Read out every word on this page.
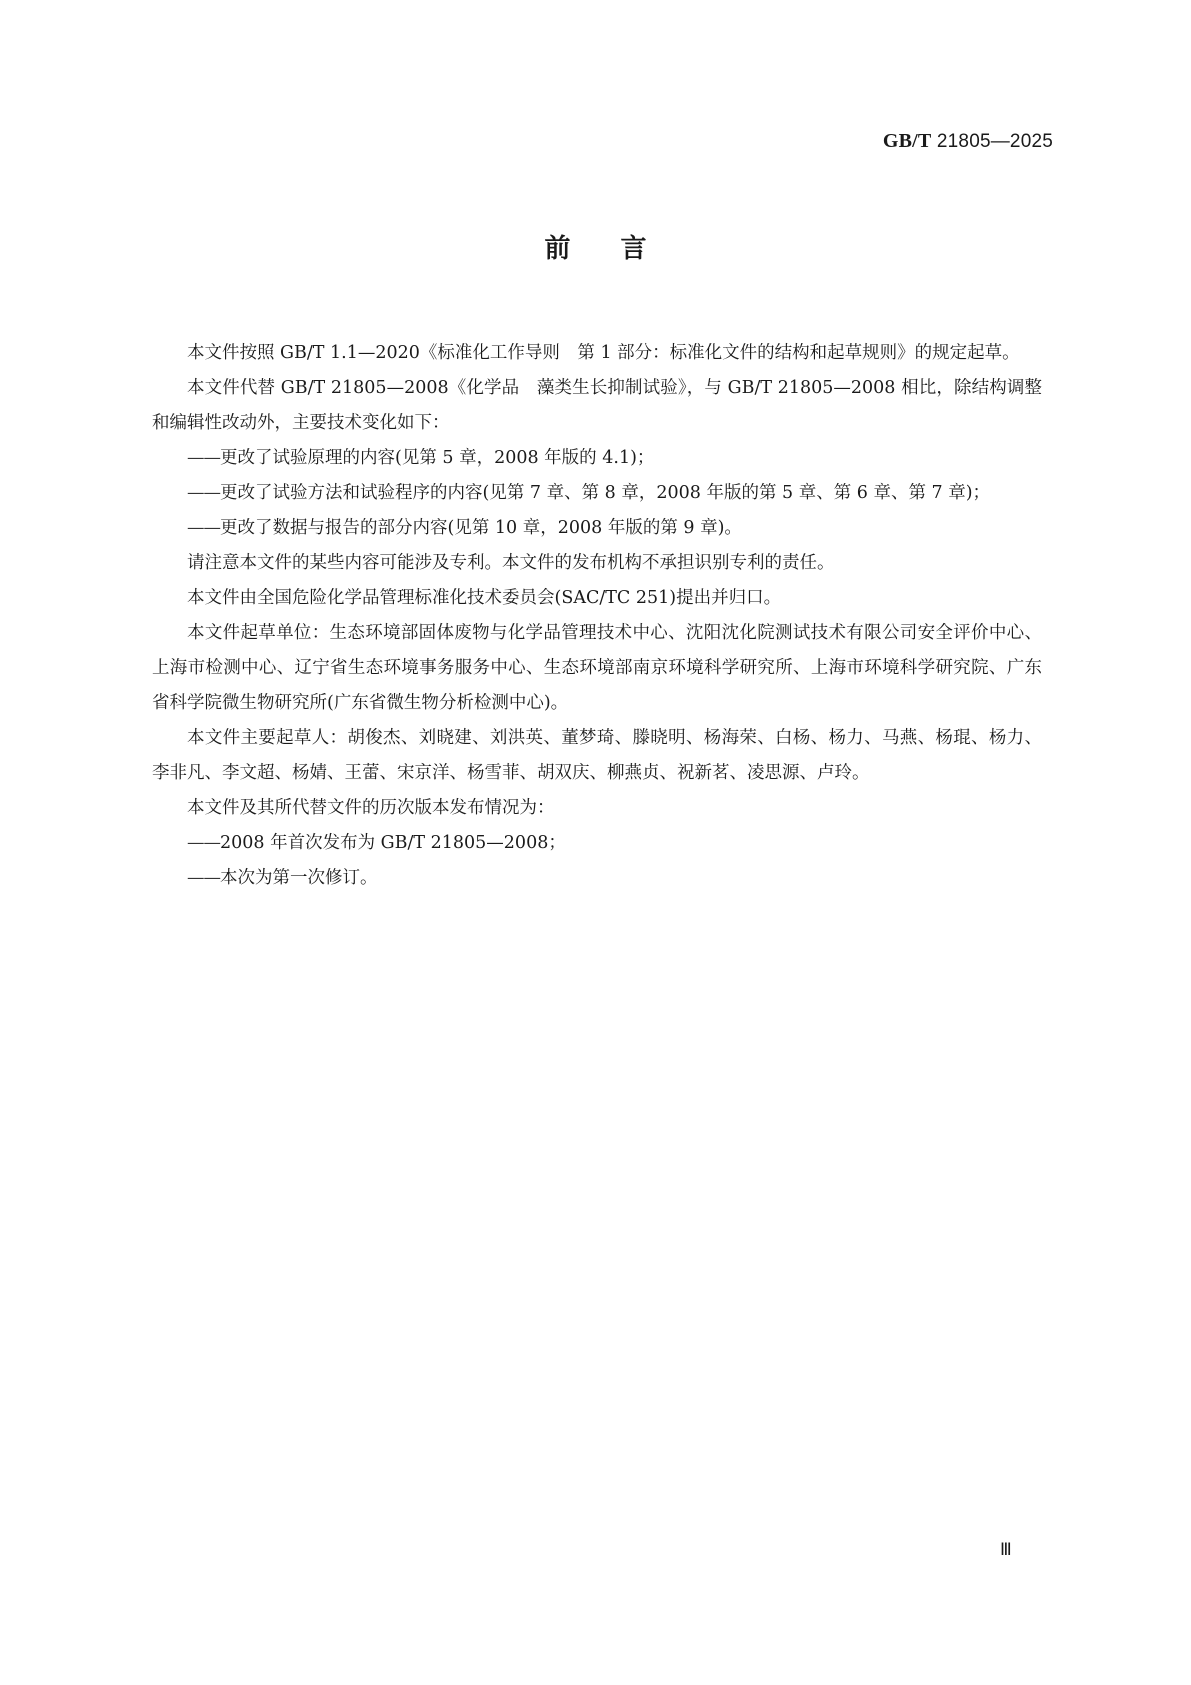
GB/T 21805—2025
前言

本文件按照 GB/T 1.1—2020《标准化工作导则　第 1 部分：标准化文件的结构和起草规则》的规定起草。

本文件代替 GB/T 21805—2008《化学品　藻类生长抑制试验》，与 GB/T 21805—2008 相比，除结构调整和编辑性改动外，主要技术变化如下：

——更改了试验原理的内容(见第 5 章，2008 年版的 4.1)；

——更改了试验方法和试验程序的内容(见第 7 章、第 8 章，2008 年版的第 5 章、第 6 章、第 7 章)；

——更改了数据与报告的部分内容(见第 10 章，2008 年版的第 9 章)。

请注意本文件的某些内容可能涉及专利。本文件的发布机构不承担识别专利的责任。

本文件由全国危险化学品管理标准化技术委员会(SAC/TC 251)提出并归口。

本文件起草单位：生态环境部固体废物与化学品管理技术中心、沈阳沈化院测试技术有限公司安全评价中心、上海市检测中心、辽宁省生态环境事务服务中心、生态环境部南京环境科学研究所、上海市环境科学研究院、广东省科学院微生物研究所(广东省微生物分析检测中心)。

本文件主要起草人：胡俊杰、刘晓建、刘洪英、董梦琦、滕晓明、杨海荣、白杨、杨力、马燕、杨琨、杨力、李非凡、李文超、杨婧、王蕾、宋京洋、杨雪菲、胡双庆、柳燕贞、祝新茗、凌思源、卢玲。

本文件及其所代替文件的历次版本发布情况为：

——2008 年首次发布为 GB/T 21805—2008；

——本次为第一次修订。

Ⅲ
